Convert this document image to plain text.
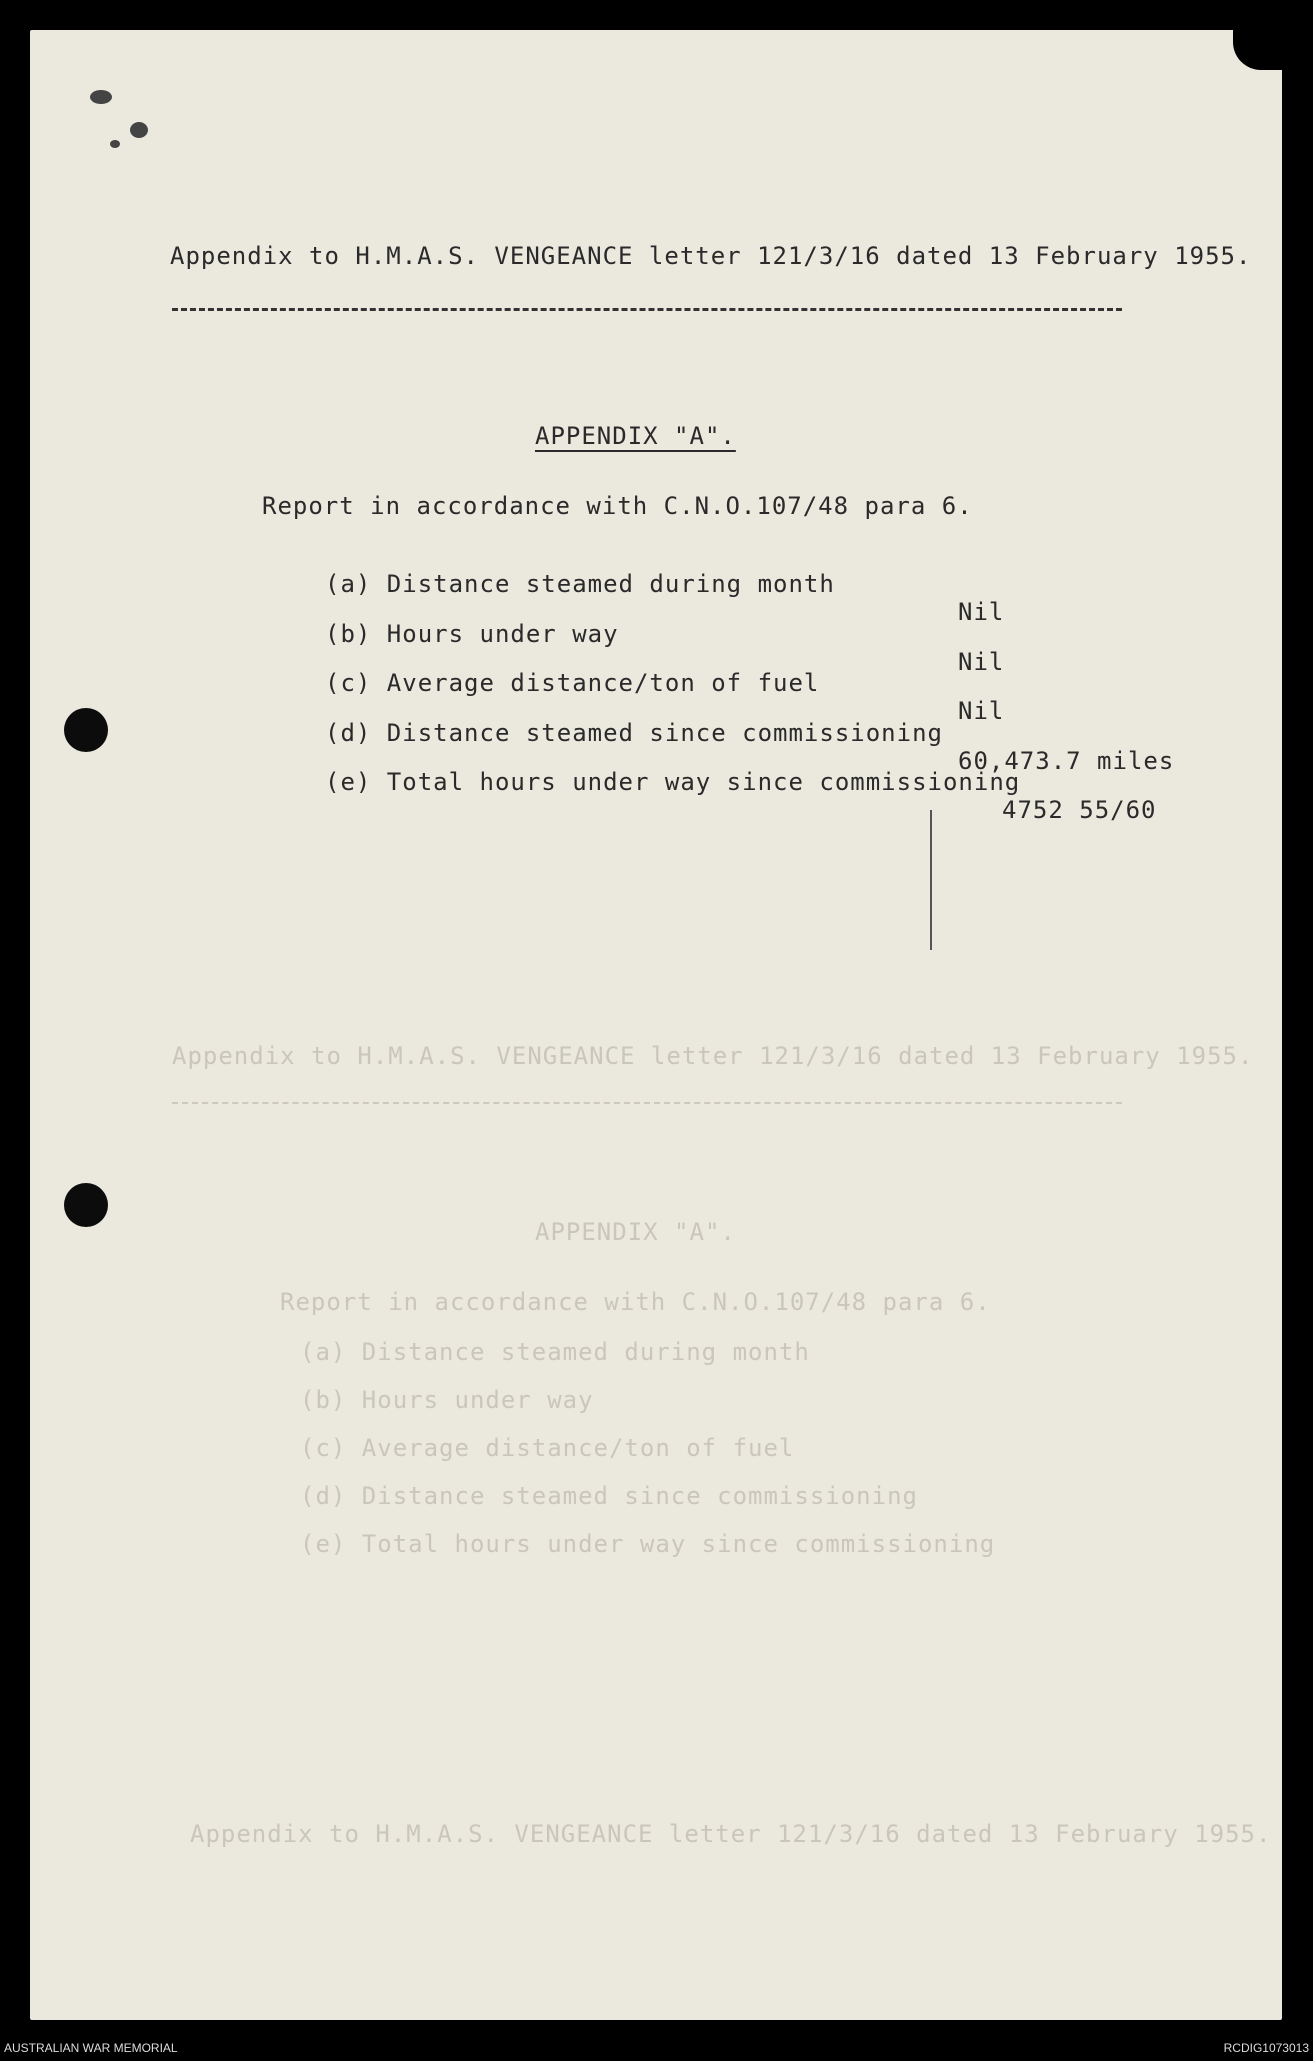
Appendix to H.M.A.S. VENGEANCE letter 121/3/16 dated 13 February 1955.
APPENDIX "A".
Report in accordance with C.N.O.107/48 para 6.

(a) Distance steamed during month

Nil

(b) Hours under way

Nil

(c) Average distance/ton of fuel

Nil

(d) Distance steamed since commissioning

60,473.7 miles

(e) Total hours under way since commissioning

4752 55/60

Appendix to H.M.A.S. VENGEANCE letter 121/3/16 dated 13 February 1955.
APPENDIX "A".
Report in accordance with C.N.O.107/48 para 6.
(a) Distance steamed during month
(b) Hours under way
(c) Average distance/ton of fuel
(d) Distance steamed since commissioning
(e) Total hours under way since commissioning
Appendix to H.M.A.S. VENGEANCE letter 121/3/16 dated 13 February 1955.
AUSTRALIAN WAR MEMORIAL	RCDIG1073013
